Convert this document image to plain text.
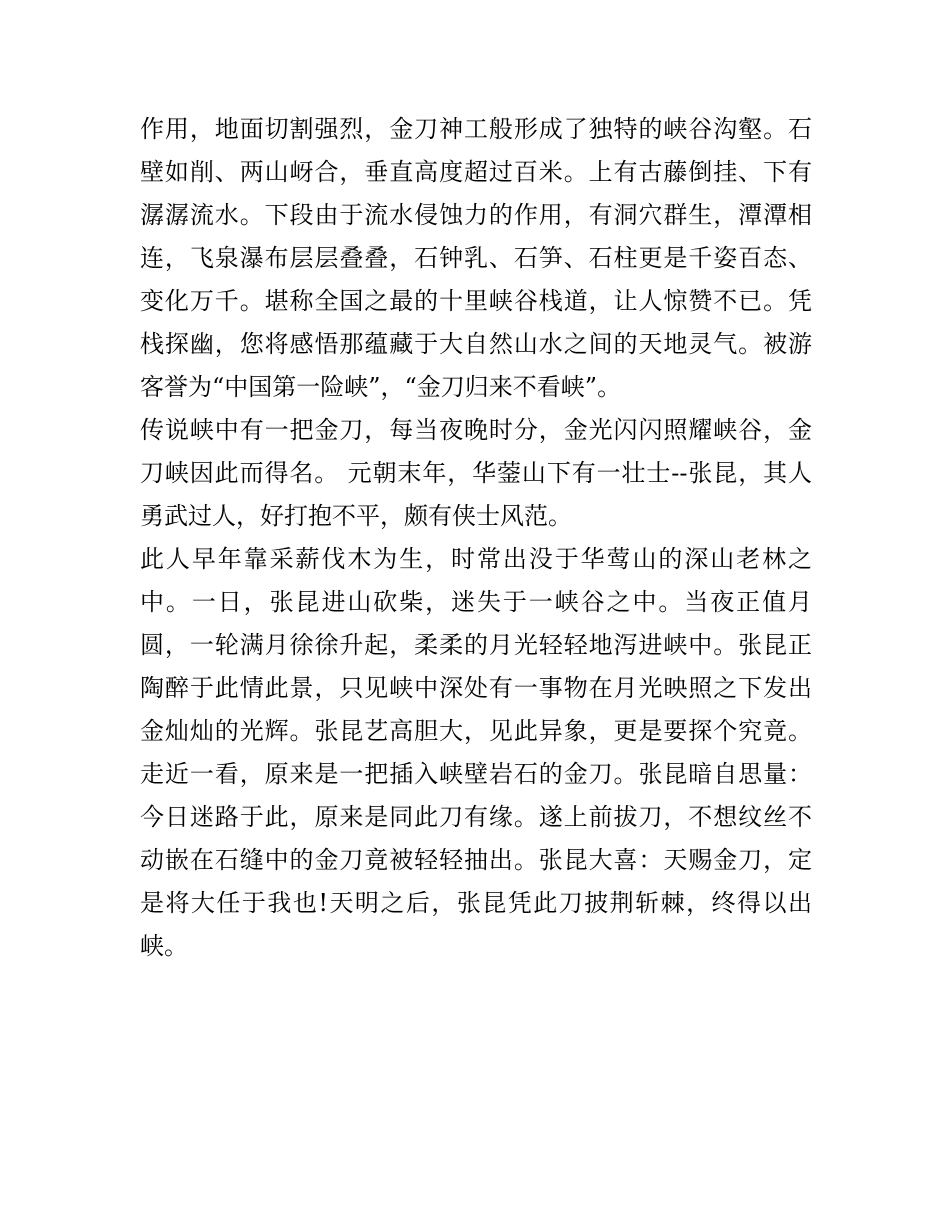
作用，地面切割强烈，金刀神工般形成了独特的峡谷沟壑。石
壁如削、两山岈合，垂直高度超过百米。上有古藤倒挂、下有
潺潺流水。下段由于流水侵蚀力的作用，有洞穴群生，潭潭相
连，飞泉瀑布层层叠叠，石钟乳、石笋、石柱更是千姿百态、
变化万千。堪称全国之最的十里峡谷栈道，让人惊赞不已。凭
栈探幽，您将感悟那蕴藏于大自然山水之间的天地灵气。被游
客誉为“中国第一险峡”，“金刀归来不看峡”。
传说峡中有一把金刀，每当夜晚时分，金光闪闪照耀峡谷，金
刀峡因此而得名。 元朝末年，华蓥山下有一壮士--张昆，其人
勇武过人，好打抱不平，颇有侠士风范。
此人早年靠采薪伐木为生，时常出没于华莺山的深山老林之
中。一日，张昆进山砍柴，迷失于一峡谷之中。当夜正值月
圆，一轮满月徐徐升起，柔柔的月光轻轻地泻进峡中。张昆正
陶醉于此情此景，只见峡中深处有一事物在月光映照之下发出
金灿灿的光辉。张昆艺高胆大，见此异象，更是要探个究竟。
走近一看，原来是一把插入峡壁岩石的金刀。张昆暗自思量：
今日迷路于此，原来是同此刀有缘。遂上前拔刀，不想纹丝不
动嵌在石缝中的金刀竟被轻轻抽出。张昆大喜：天赐金刀，定
是将大任于我也!天明之后，张昆凭此刀披荆斩棘，终得以出
峡。
